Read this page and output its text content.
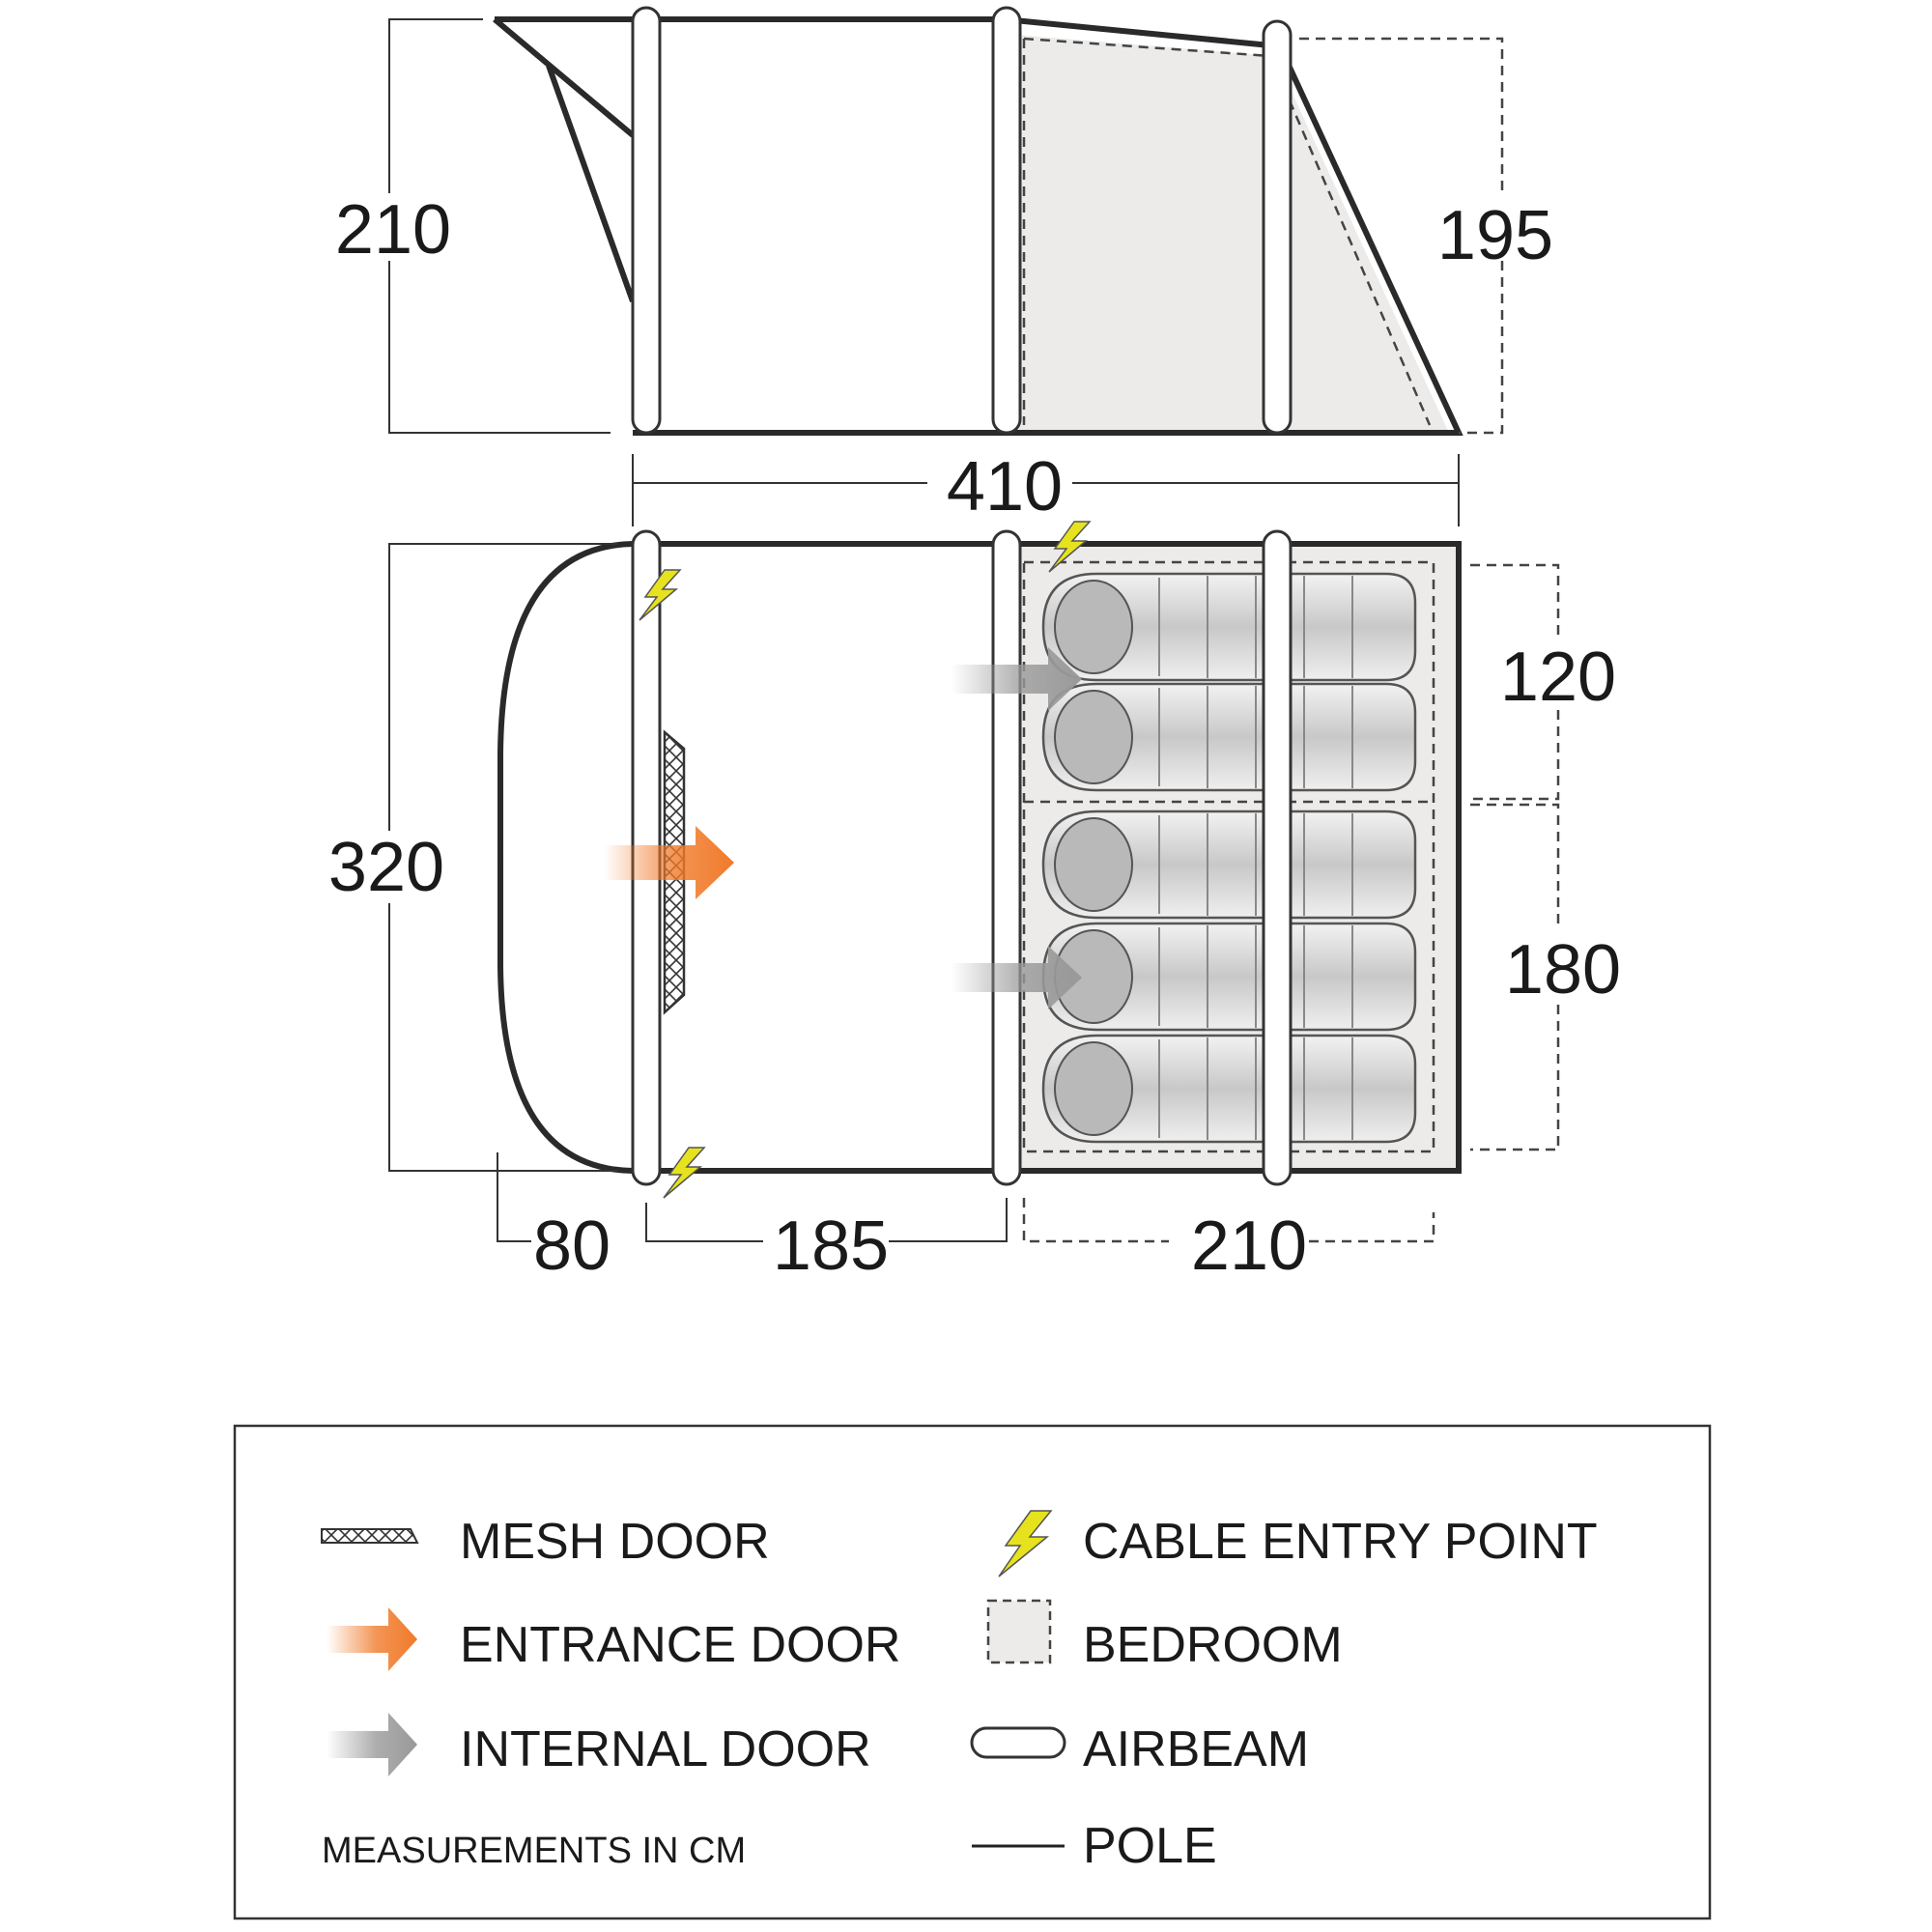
210	195
410
320
120
180
80 185	210
MESH DOOR
ENTRANCE DOOR
INTERNAL DOOR
MEASUREMENTS IN CM
CABLE ENTRY POINT
BEDROOM
AIRBEAM
POLE
